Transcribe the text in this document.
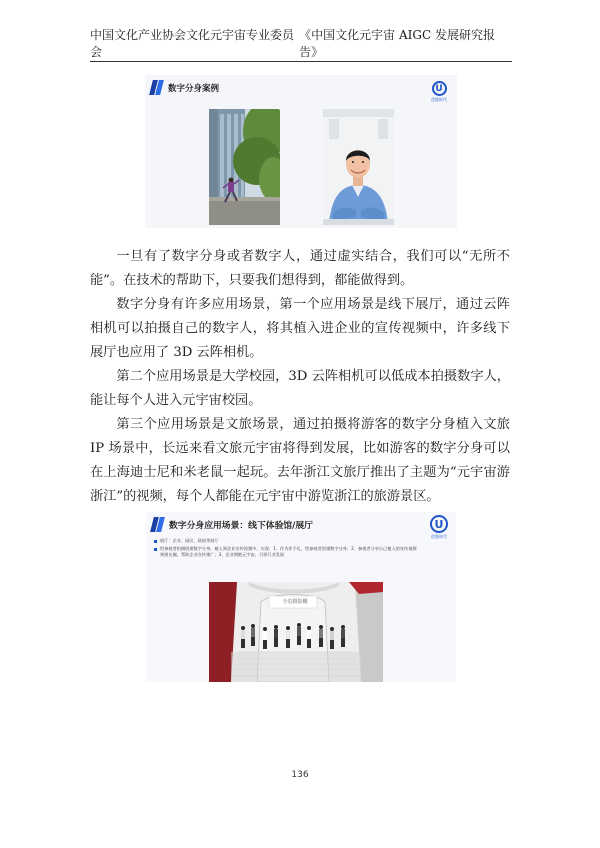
中国文化产业协会文化元宇宙专业委员会
《中国文化元宇宙 AIGC 发展研究报告》
数字分身案例	U
优链时代

一旦有了数字分身或者数字人，通过虚实结合，我们可以“无所不能”。在技术的帮助下，只要我们想得到，都能做得到。

数字分身有许多应用场景，第一个应用场景是线下展厅，通过云阵相机可以拍摄自己的数字人，将其植入进企业的宣传视频中，许多线下展厅也应用了 3D 云阵相机。

第二个应用场景是大学校园，3D 云阵相机可以低成本拍摄数字人，能让每个人进入元宇宙校园。

第三个应用场景是文旅场景，通过拍摄将游客的数字分身植入文旅 IP 场景中，长远来看文旅元宇宙将得到发展，比如游客的数字分身可以在上海迪士尼和米老鼠一起玩。去年浙江文旅厅推出了主题为“元宇宙游浙江”的视频，每个人都能在元宇宙中游览浙江的旅游景区。

数字分身应用场景：线下体验馆/展厅	U
优链时代
展厅：企业、园区、政府等展厅
给参观者拍摄创建数字分身，植入到企业宣传视频中，实现：1、作为伴手礼，给参观者创建数字分身；2、参观者分享自己植入的宣传视频到朋友圈，帮助企业宣传推广；3、企业拥抱元宇宙，引领行业发展
全息摄影棚
136
